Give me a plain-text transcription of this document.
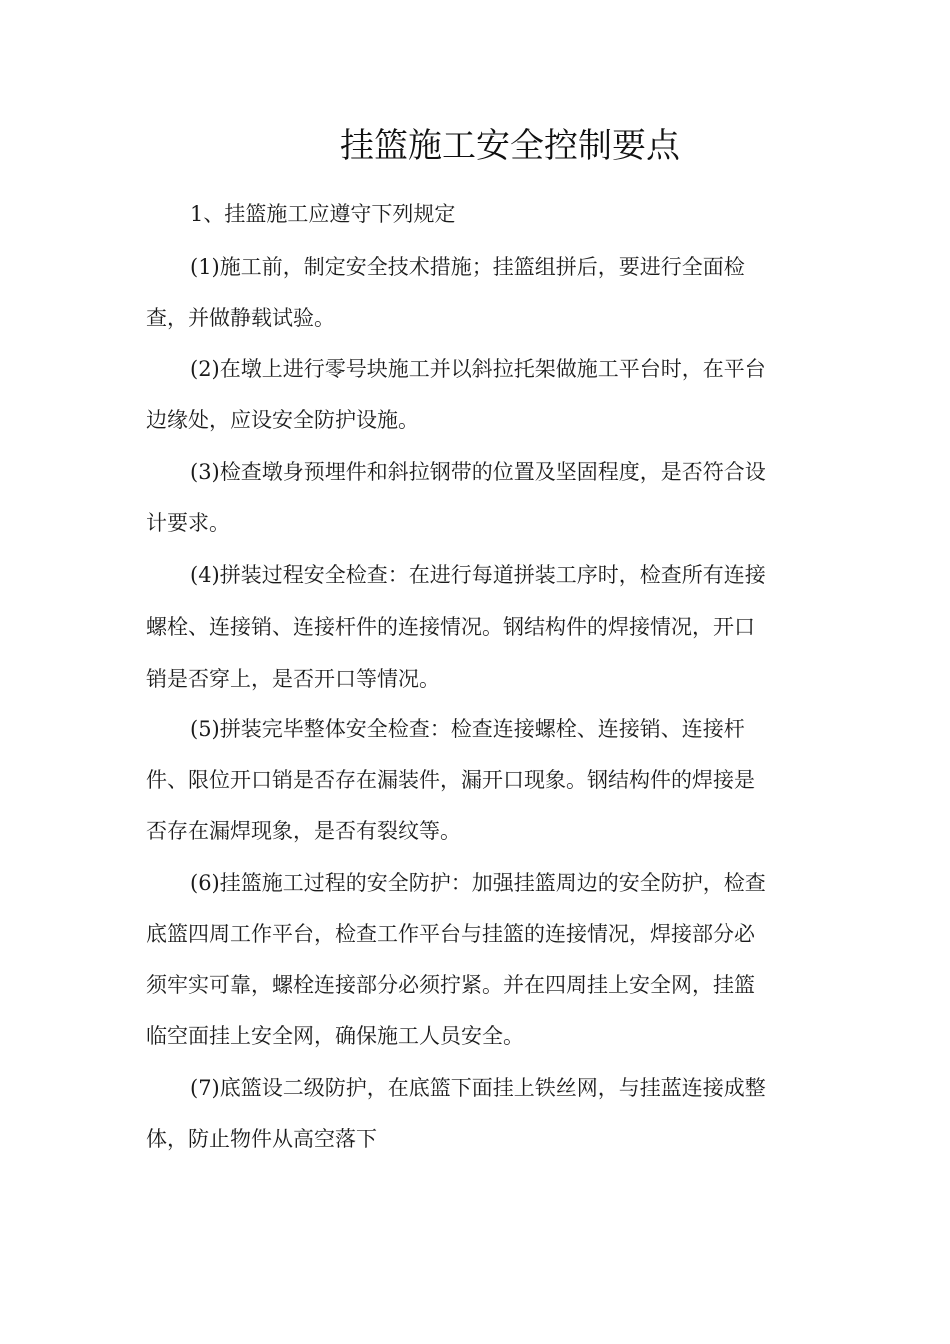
挂篮施工安全控制要点
1、挂篮施工应遵守下列规定
(1)施工前，制定安全技术措施；挂篮组拼后，要进行全面检
查，并做静载试验。
(2)在墩上进行零号块施工并以斜拉托架做施工平台时，在平台
边缘处，应设安全防护设施。
(3)检查墩身预埋件和斜拉钢带的位置及坚固程度，是否符合设
计要求。
(4)拼装过程安全检查：在进行每道拼装工序时，检查所有连接
螺栓、连接销、连接杆件的连接情况。钢结构件的焊接情况，开口
销是否穿上，是否开口等情况。
(5)拼装完毕整体安全检查：检查连接螺栓、连接销、连接杆
件、限位开口销是否存在漏装件，漏开口现象。钢结构件的焊接是
否存在漏焊现象，是否有裂纹等。
(6)挂篮施工过程的安全防护：加强挂篮周边的安全防护，检查
底篮四周工作平台，检查工作平台与挂篮的连接情况，焊接部分必
须牢实可靠，螺栓连接部分必须拧紧。并在四周挂上安全网，挂篮
临空面挂上安全网，确保施工人员安全。
(7)底篮设二级防护，在底篮下面挂上铁丝网，与挂蓝连接成整
体，防止物件从高空落下
